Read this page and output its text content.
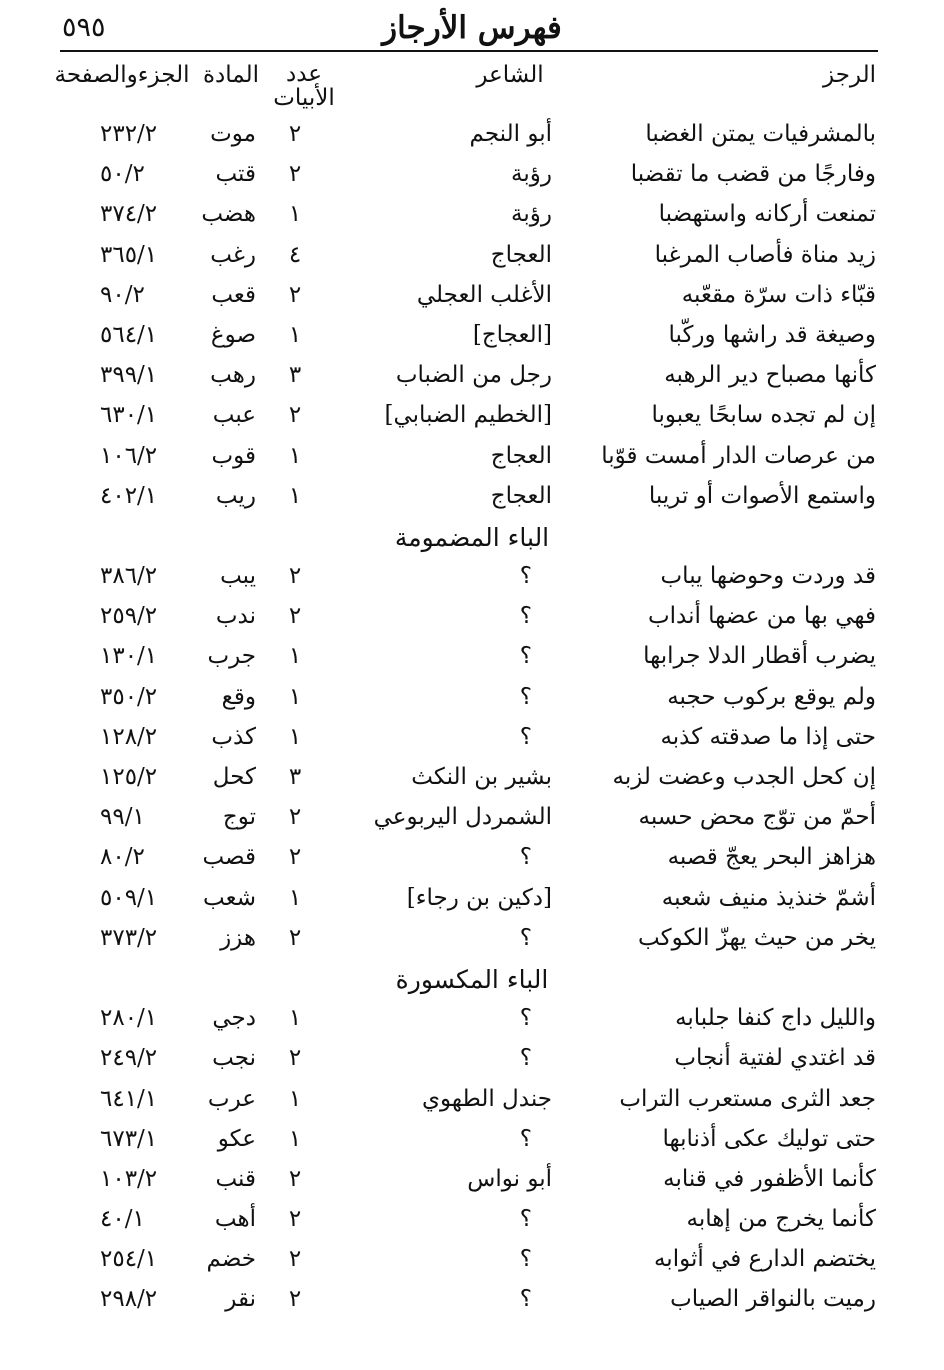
٥٩٥	فهرس الأرجاز
الرجز
الشاعر
عدد الأبيات
المادة
الجزءوالصفحة
بالمشرفيات يمتن الغضبا
أبو النجم
٢
موت
٢٣٢/٢
وفارجًا من قضب ما تقضبا
رؤبة
٢
قتب
٥٠/٢
تمنعت أركانه واستهضبا
رؤبة
١
هضب
٣٧٤/٢
زيد مناة فأصاب المرغبا
العجاج
٤
رغب
٣٦٥/١
قبّاء ذات سرّة مقعّبه
الأغلب العجلي
٢
قعب
٩٠/٢
وصيغة قد راشها وركّبا
[العجاج]
١
صوغ
٥٦٤/١
كأنها مصباح دير الرهبه
رجل من الضباب
٣
رهب
٣٩٩/١
إن لم تجده سابحًا يعبوبا
[الخطيم الضبابي]
٢
عبب
٦٣٠/١
من عرصات الدار أمست قوّبا
العجاج
١
قوب
١٠٦/٢
واستمع الأصوات أو تريبا
العجاج
١
ريب
٤٠٢/١
الباء المضمومة
قد وردت وحوضها يباب
؟
٢
يبب
٣٨٦/٢
فهي بها من عضها أنداب
؟
٢
ندب
٢٥٩/٢
يضرب أقطار الدلا جرابها
؟
١
جرب
١٣٠/١
ولم يوقع بركوب حجبه
؟
١
وقع
٣٥٠/٢
حتى إذا ما صدقته كذبه
؟
١
كذب
١٢٨/٢
إن كحل الجدب وعضت لزبه
بشير بن النكث
٣
كحل
١٢٥/٢
أحمّ من توّج محض حسبه
الشمردل اليربوعي
٢
توج
٩٩/١
هزاهز البحر يعجّ قصبه
؟
٢
قصب
٨٠/٢
أشمّ خنذيذ منيف شعبه
[دكين بن رجاء]
١
شعب
٥٠٩/١
يخر من حيث يهزّ الكوكب
؟
٢
هزز
٣٧٣/٢
الباء المكسورة
والليل داج كنفا جلبابه
؟
١
دجي
٢٨٠/١
قد اغتدي لفتية أنجاب
؟
٢
نجب
٢٤٩/٢
جعد الثرى مستعرب التراب
جندل الطهوي
١
عرب
٦٤١/١
حتى توليك عكى أذنابها
؟
١
عكو
٦٧٣/١
كأنما الأظفور في قنابه
أبو نواس
٢
قنب
١٠٣/٢
كأنما يخرج من إهابه
؟
٢
أهب
٤٠/١
يختضم الدارع في أثوابه
؟
٢
خضم
٢٥٤/١
رميت بالنواقر الصياب
؟
٢
نقر
٢٩٨/٢
